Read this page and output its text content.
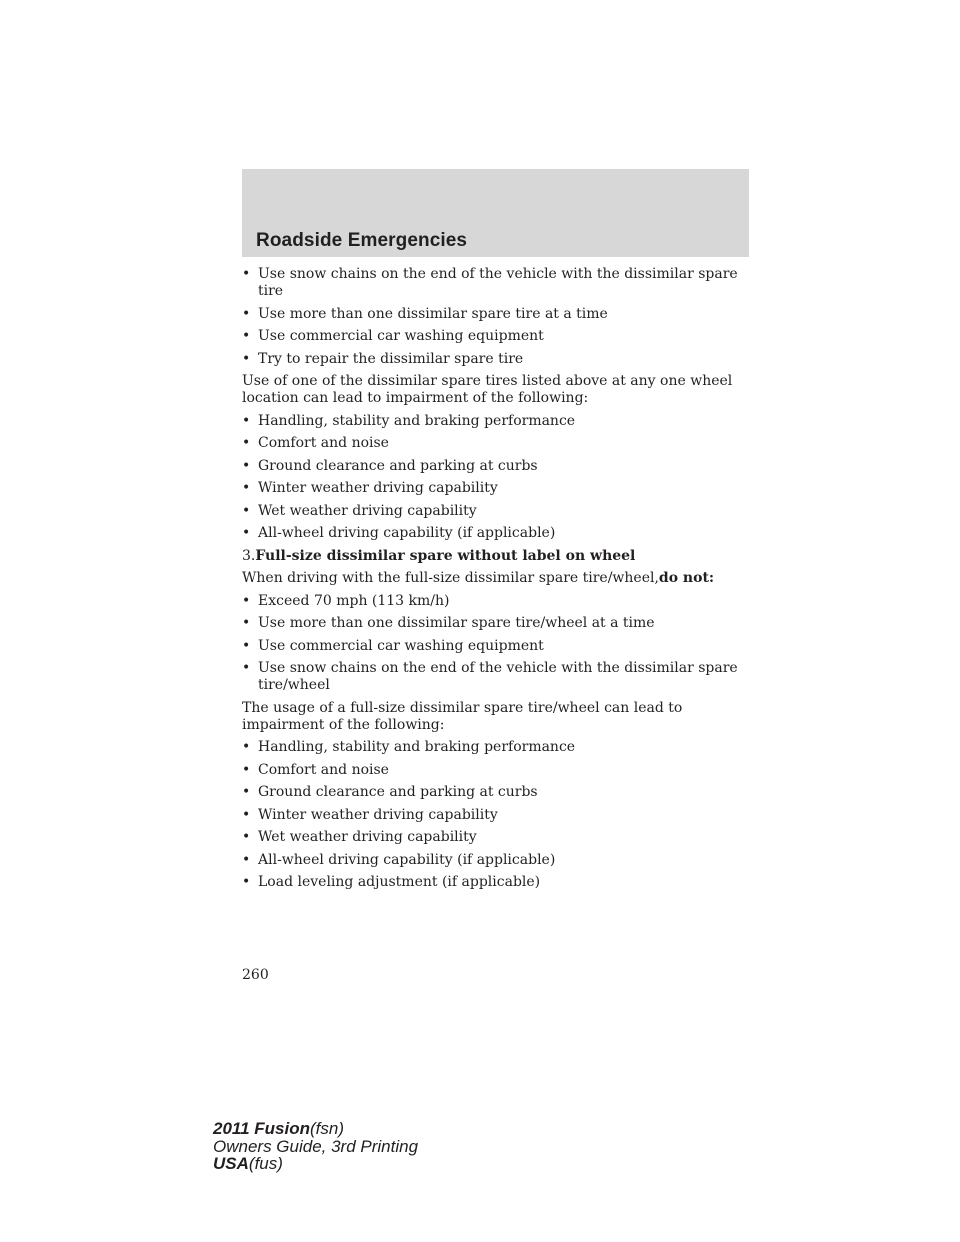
Roadside Emergencies

• Use snow chains on the end of the vehicle with the dissimilar spare tire

• Use more than one dissimilar spare tire at a time

• Use commercial car washing equipment

• Try to repair the dissimilar spare tire

Use of one of the dissimilar spare tires listed above at any one wheel location can lead to impairment of the following:

• Handling, stability and braking performance

• Comfort and noise

• Ground clearance and parking at curbs

• Winter weather driving capability

• Wet weather driving capability

• All-wheel driving capability (if applicable)

3.Full-size dissimilar spare without label on wheel

When driving with the full-size dissimilar spare tire/wheel,do not:

• Exceed 70 mph (113 km/h)

• Use more than one dissimilar spare tire/wheel at a time

• Use commercial car washing equipment

• Use snow chains on the end of the vehicle with the dissimilar spare tire/wheel

The usage of a full-size dissimilar spare tire/wheel can lead to impairment of the following:

• Handling, stability and braking performance

• Comfort and noise

• Ground clearance and parking at curbs

• Winter weather driving capability

• Wet weather driving capability

• All-wheel driving capability (if applicable)

• Load leveling adjustment (if applicable)

260

2011 Fusion(fsn)

Owners Guide, 3rd Printing

USA(fus)
